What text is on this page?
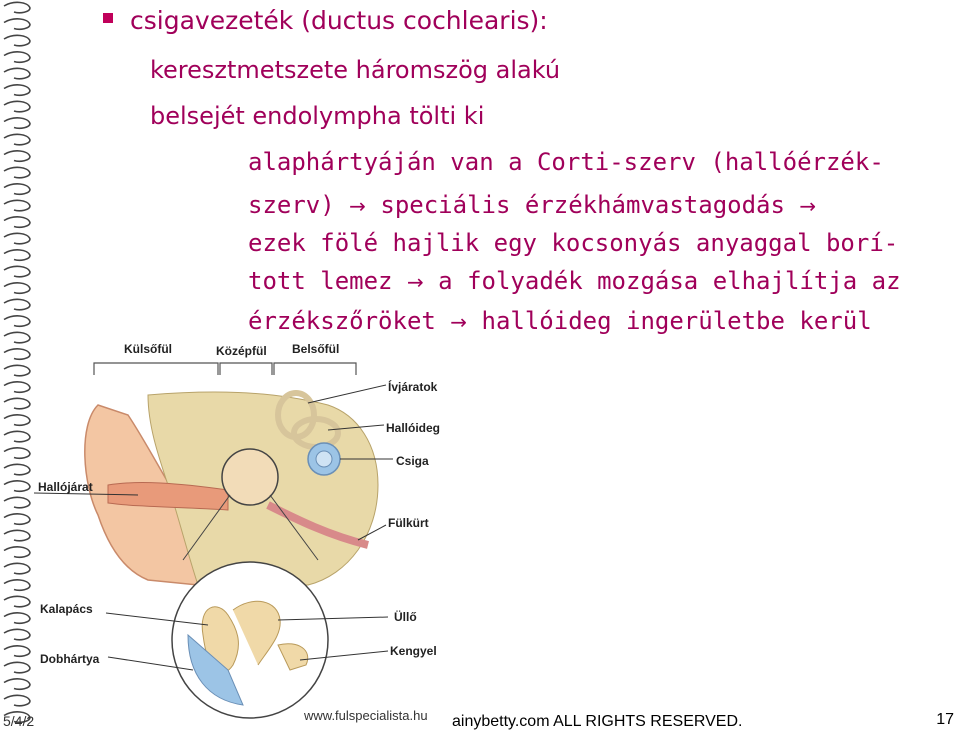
csigavezeték (ductus cochlearis):
keresztmetszete háromszög alakú
belsejét endolympha tölti ki
alaphártyáján van a Corti-szerv (hallóérzék-
szerv) → speciális érzékhámvastagodás →
ezek fölé hajlik egy kocsonyás anyaggal borí-
tott lemez → a folyadék mozgása elhajlítja az
érzékszőröket → hallóideg ingerületbe kerül
Külsőfül	Középfül Belsőfül
Ívjáratok
Hallóideg
Csiga
Hallójárat
Fülkürt
Kalapács
Dobhártya
Üllő
Kengyel
www.fulspecialista.hu
5/4/2	ainybetty.com ALL RIGHTS RESERVED.	17
